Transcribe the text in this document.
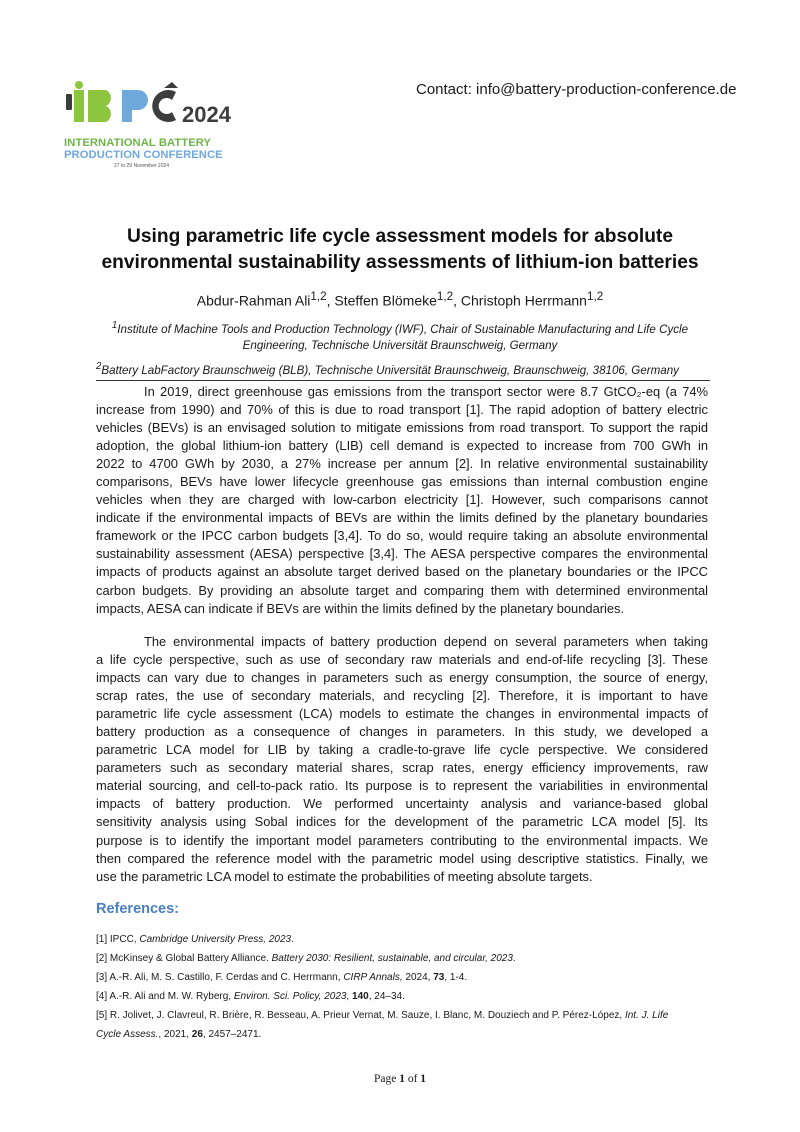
2024
INTERNATIONAL BATTERY
PRODUCTION CONFERENCE
27 to 29 November 2024
Contact: info@battery-production-conference.de
Using parametric life cycle assessment models for absolute
environmental sustainability assessments of lithium-ion batteries
Abdur-Rahman Ali$^{1,2}$, Steffen Blömeke$^{1,2}$, Christoph Herrmann$^{1,2}$
$^1$Institute of Machine Tools and Production Technology (IWF), Chair of Sustainable Manufacturing and Life Cycle
Engineering, Technische Universität Braunschweig, Germany
$^2$Battery LabFactory Braunschweig (BLB), Technische Universität Braunschweig, Braunschweig, 38106, Germany
In 2019, direct greenhouse gas emissions from the transport sector were 8.7 GtCO₂-eq (a 74%
increase from 1990) and 70% of this is due to road transport [1]. The rapid adoption of battery electric
vehicles (BEVs) is an envisaged solution to mitigate emissions from road transport. To support the rapid
adoption, the global lithium-ion battery (LIB) cell demand is expected to increase from 700 GWh in
2022 to 4700 GWh by 2030, a 27% increase per annum [2]. In relative environmental sustainability
comparisons, BEVs have lower lifecycle greenhouse gas emissions than internal combustion engine
vehicles when they are charged with low-carbon electricity [1]. However, such comparisons cannot
indicate if the environmental impacts of BEVs are within the limits defined by the planetary boundaries
framework or the IPCC carbon budgets [3,4]. To do so, would require taking an absolute environmental
sustainability assessment (AESA) perspective [3,4]. The AESA perspective compares the environmental
impacts of products against an absolute target derived based on the planetary boundaries or the IPCC
carbon budgets. By providing an absolute target and comparing them with determined environmental
impacts, AESA can indicate if BEVs are within the limits defined by the planetary boundaries.
The environmental impacts of battery production depend on several parameters when taking
a life cycle perspective, such as use of secondary raw materials and end-of-life recycling [3]. These
impacts can vary due to changes in parameters such as energy consumption, the source of energy,
scrap rates, the use of secondary materials, and recycling [2]. Therefore, it is important to have
parametric life cycle assessment (LCA) models to estimate the changes in environmental impacts of
battery production as a consequence of changes in parameters. In this study, we developed a
parametric LCA model for LIB by taking a cradle-to-grave life cycle perspective. We considered
parameters such as secondary material shares, scrap rates, energy efficiency improvements, raw
material sourcing, and cell-to-pack ratio. Its purpose is to represent the variabilities in environmental
impacts of battery production. We performed uncertainty analysis and variance-based global
sensitivity analysis using Sobal indices for the development of the parametric LCA model [5]. Its
purpose is to identify the important model parameters contributing to the environmental impacts. We
then compared the reference model with the parametric model using descriptive statistics. Finally, we
use the parametric LCA model to estimate the probabilities of meeting absolute targets.
References:
[1] IPCC, Cambridge University Press, 2023.
[2] McKinsey & Global Battery Alliance. Battery 2030: Resilient, sustainable, and circular, 2023.
[3] A.-R. Ali, M. S. Castillo, F. Cerdas and C. Herrmann, CIRP Annals, 2024, 73, 1-4.
[4] A.-R. Ali and M. W. Ryberg, Environ. Sci. Policy, 2023, 140, 24–34.
[5] R. Jolivet, J. Clavreul, R. Brière, R. Besseau, A. Prieur Vernat, M. Sauze, I. Blanc, M. Douziech and P. Pérez-López, Int. J. Life
Cycle Assess., 2021, 26, 2457–2471.
Page 1 of 1
